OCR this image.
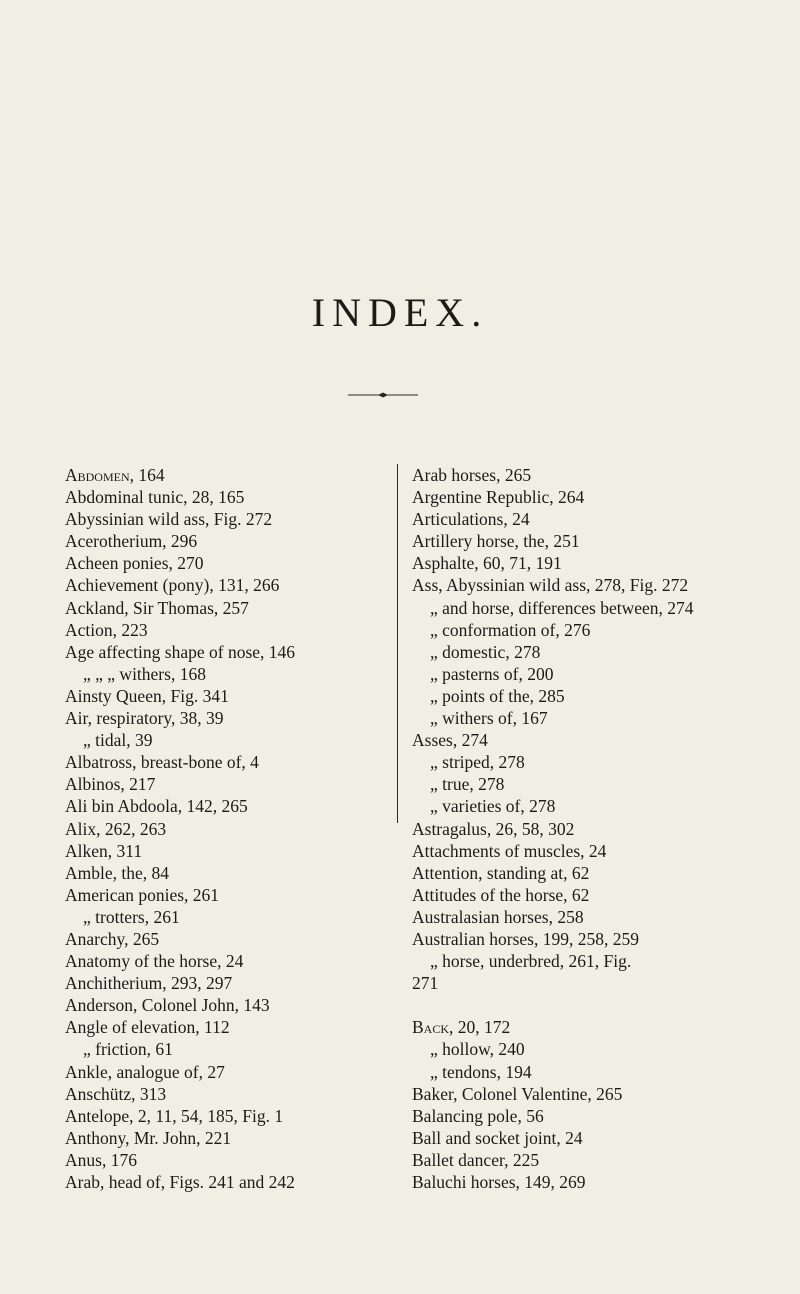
INDEX.
Abdomen, 164
Abdominal tunic, 28, 165
Abyssinian wild ass, Fig. 272
Acerotherium, 296
Acheen ponies, 270
Achievement (pony), 131, 266
Ackland, Sir Thomas, 257
Action, 223
Age affecting shape of nose, 146
„ „ „ withers, 168
Ainsty Queen, Fig. 341
Air, respiratory, 38, 39
„ tidal, 39
Albatross, breast-bone of, 4
Albinos, 217
Ali bin Abdoola, 142, 265
Alix, 262, 263
Alken, 311
Amble, the, 84
American ponies, 261
„ trotters, 261
Anarchy, 265
Anatomy of the horse, 24
Anchitherium, 293, 297
Anderson, Colonel John, 143
Angle of elevation, 112
„ friction, 61
Ankle, analogue of, 27
Anschütz, 313
Antelope, 2, 11, 54, 185, Fig. 1
Anthony, Mr. John, 221
Anus, 176
Arab, head of, Figs. 241 and 242
Arab horses, 265
Argentine Republic, 264
Articulations, 24
Artillery horse, the, 251
Asphalte, 60, 71, 191
Ass, Abyssinian wild ass, 278, Fig. 272
„ and horse, differences between, 274
„ conformation of, 276
„ domestic, 278
„ pasterns of, 200
„ points of the, 285
„ withers of, 167
Asses, 274
„ striped, 278
„ true, 278
„ varieties of, 278
Astragalus, 26, 58, 302
Attachments of muscles, 24
Attention, standing at, 62
Attitudes of the horse, 62
Australasian horses, 258
Australian horses, 199, 258, 259
„ horse, underbred, 261, Fig.
271
Back, 20, 172
„ hollow, 240
„ tendons, 194
Baker, Colonel Valentine, 265
Balancing pole, 56
Ball and socket joint, 24
Ballet dancer, 225
Baluchi horses, 149, 269
